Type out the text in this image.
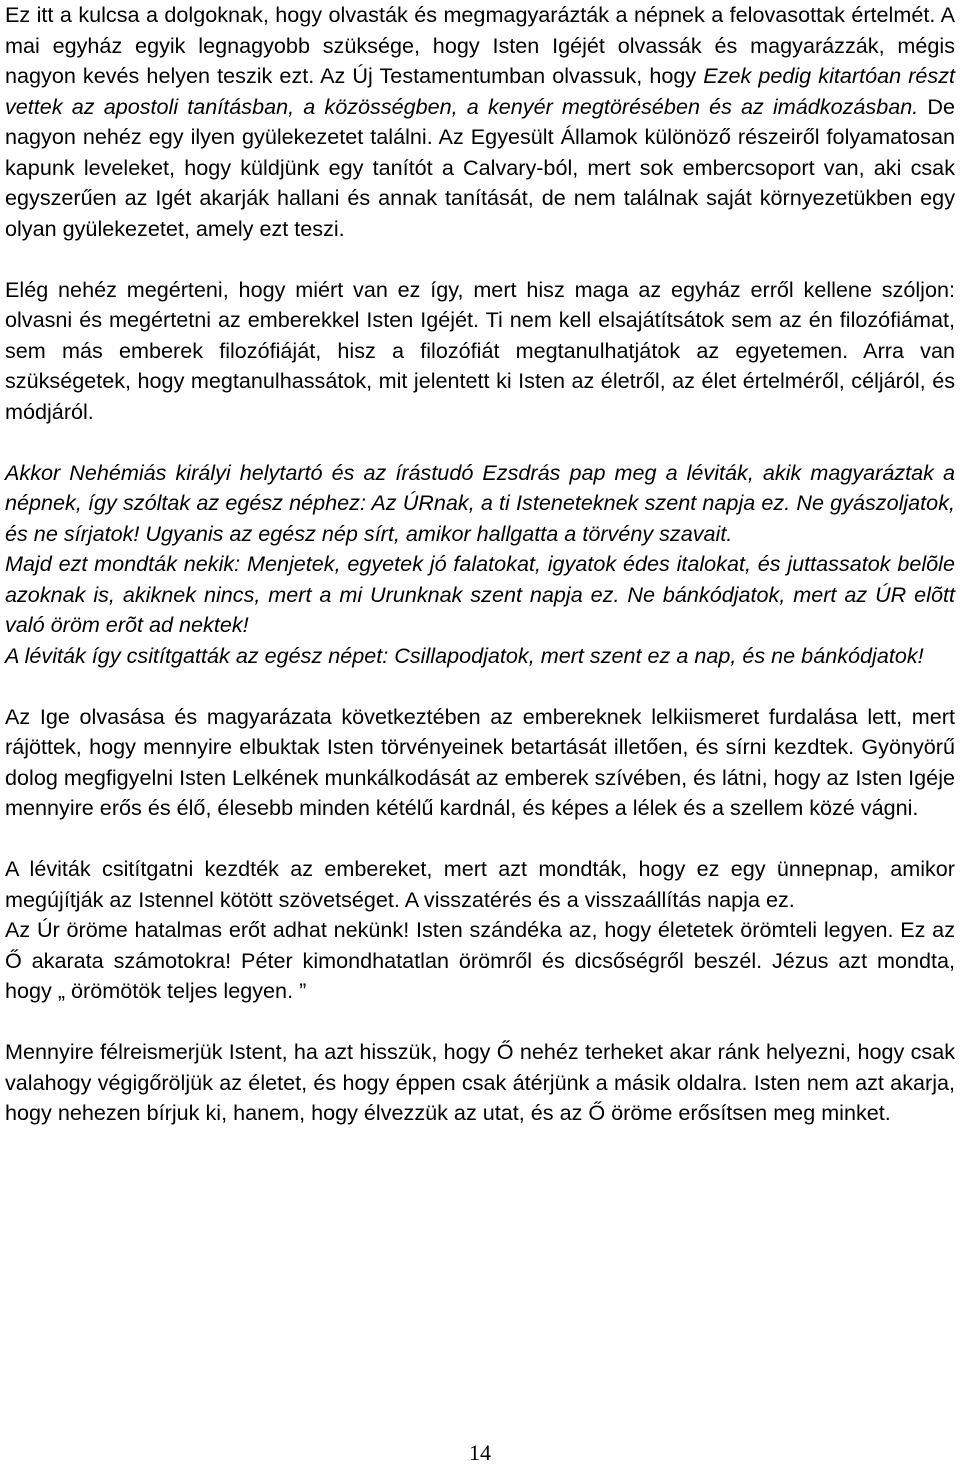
Ez itt a kulcsa a dolgoknak, hogy olvasták és megmagyarázták a népnek a felovasottak értelmét. A mai egyház egyik legnagyobb szüksége, hogy Isten Igéjét olvassák és magyarázzák, mégis nagyon kevés helyen teszik ezt. Az Új Testamentumban olvassuk, hogy Ezek pedig kitartóan részt vettek az apostoli tanításban, a közösségben, a kenyér megtörésében és az imádkozásban. De nagyon nehéz egy ilyen gyülekezetet találni. Az Egyesült Államok különöző részeiről folyamatosan kapunk leveleket, hogy küldjünk egy tanítót a Calvary-ból, mert sok embercsoport van, aki csak egyszerűen az Igét akarják hallani és annak tanítását, de nem találnak saját környezetükben egy olyan gyülekezetet, amely ezt teszi.

Elég nehéz megérteni, hogy miért van ez így, mert hisz maga az egyház erről kellene szóljon: olvasni és megértetni az emberekkel Isten Igéjét. Ti nem kell elsajátítsátok sem az én filozófiámat, sem más emberek filozófiáját, hisz a filozófiát megtanulhatjátok az egyetemen. Arra van szükségetek, hogy megtanulhassátok, mit jelentett ki Isten az életről, az élet értelméről, céljáról, és módjáról.

Akkor Nehémiás királyi helytartó és az írástudó Ezsdrás pap meg a léviták, akik magyaráztak a népnek, így szóltak az egész néphez: Az ÚRnak, a ti Isteneteknek szent napja ez. Ne gyászoljatok, és ne sírjatok! Ugyanis az egész nép sírt, amikor hallgatta a törvény szavait.

Majd ezt mondták nekik: Menjetek, egyetek jó falatokat, igyatok édes italokat, és juttassatok belõle azoknak is, akiknek nincs, mert a mi Urunknak szent napja ez. Ne bánkódjatok, mert az ÚR elõtt való öröm erõt ad nektek!

A léviták így csitítgatták az egész népet: Csillapodjatok, mert szent ez a nap, és ne bánkódjatok!

Az Ige olvasása és magyarázata következtében az embereknek lelkiismeret furdalása lett, mert rájöttek, hogy mennyire elbuktak Isten törvényeinek betartását illetően, és sírni kezdtek. Gyönyörű dolog megfigyelni Isten Lelkének munkálkodását az emberek szívében, és látni, hogy az Isten Igéje mennyire erős és élő, élesebb minden kétélű kardnál, és képes a lélek és a szellem közé vágni.

A léviták csitítgatni kezdték az embereket, mert azt mondták, hogy ez egy ünnepnap, amikor megújítják az Istennel kötött szövetséget. A visszatérés és a visszaállítás napja ez.

Az Úr öröme hatalmas erőt adhat nekünk! Isten szándéka az, hogy életetek örömteli legyen. Ez az Ő akarata számotokra! Péter kimondhatatlan örömről és dicsőségről beszél. Jézus azt mondta, hogy „ örömötök teljes legyen. ”

Mennyire félreismerjük Istent, ha azt hisszük, hogy Ő nehéz terheket akar ránk helyezni, hogy csak valahogy végigőröljük az életet, és hogy éppen csak átérjünk a másik oldalra. Isten nem azt akarja, hogy nehezen bírjuk ki, hanem, hogy élvezzük az utat, és az Ő öröme erősítsen meg minket.

14
